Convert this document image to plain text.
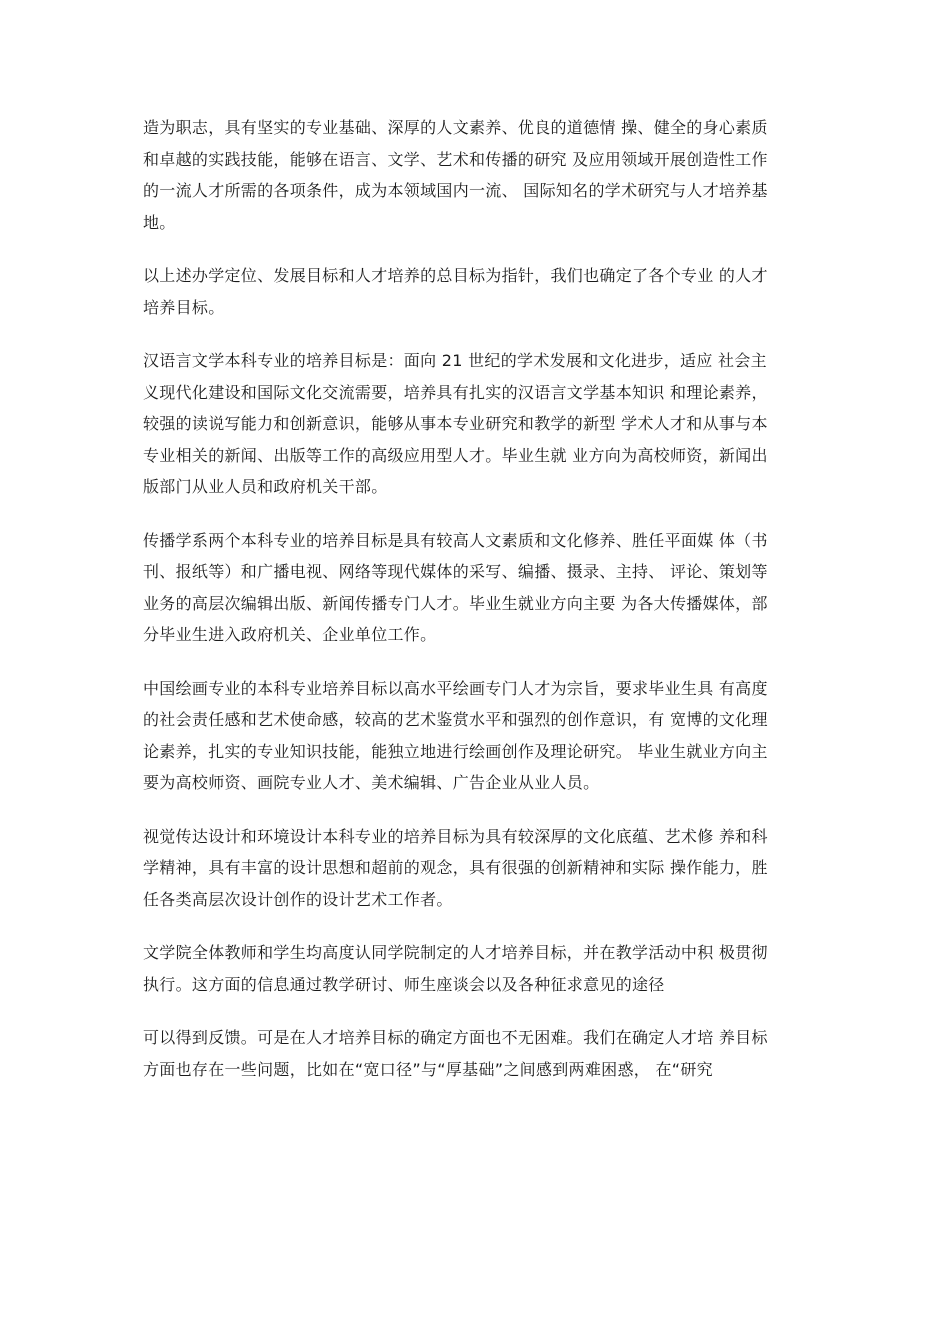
造为职志，具有坚实的专业基础、深厚的人文素养、优良的道德情 操、健全的身心素质
和卓越的实践技能，能够在语言、文学、艺术和传播的研究 及应用领域开展创造性工作
的一流人才所需的各项条件，成为本领域国内一流、 国际知名的学术研究与人才培养基
地。
以上述办学定位、发展目标和人才培养的总目标为指针，我们也确定了各个专业 的人才
培养目标。
汉语言文学本科专业的培养目标是：面向 21 世纪的学术发展和文化进步，适应 社会主
义现代化建设和国际文化交流需要，培养具有扎实的汉语言文学基本知识 和理论素养，
较强的读说写能力和创新意识，能够从事本专业研究和教学的新型 学术人才和从事与本
专业相关的新闻、出版等工作的高级应用型人才。毕业生就 业方向为高校师资，新闻出
版部门从业人员和政府机关干部。
传播学系两个本科专业的培养目标是具有较高人文素质和文化修养、胜任平面媒 体（书
刊、报纸等）和广播电视、网络等现代媒体的采写、编播、摄录、主持、 评论、策划等
业务的高层次编辑出版、新闻传播专门人才。毕业生就业方向主要 为各大传播媒体，部
分毕业生进入政府机关、企业单位工作。
中国绘画专业的本科专业培养目标以高水平绘画专门人才为宗旨，要求毕业生具 有高度
的社会责任感和艺术使命感，较高的艺术鉴赏水平和强烈的创作意识，有 宽博的文化理
论素养，扎实的专业知识技能，能独立地进行绘画创作及理论研究。 毕业生就业方向主
要为高校师资、画院专业人才、美术编辑、广告企业从业人员。
视觉传达设计和环境设计本科专业的培养目标为具有较深厚的文化底蕴、艺术修 养和科
学精神，具有丰富的设计思想和超前的观念，具有很强的创新精神和实际 操作能力，胜
任各类高层次设计创作的设计艺术工作者。
文学院全体教师和学生均高度认同学院制定的人才培养目标，并在教学活动中积 极贯彻
执行。这方面的信息通过教学研讨、师生座谈会以及各种征求意见的途径
可以得到反馈。可是在人才培养目标的确定方面也不无困难。我们在确定人才培 养目标
方面也存在一些问题，比如在“宽口径”与“厚基础”之间感到两难困惑， 在“研究
